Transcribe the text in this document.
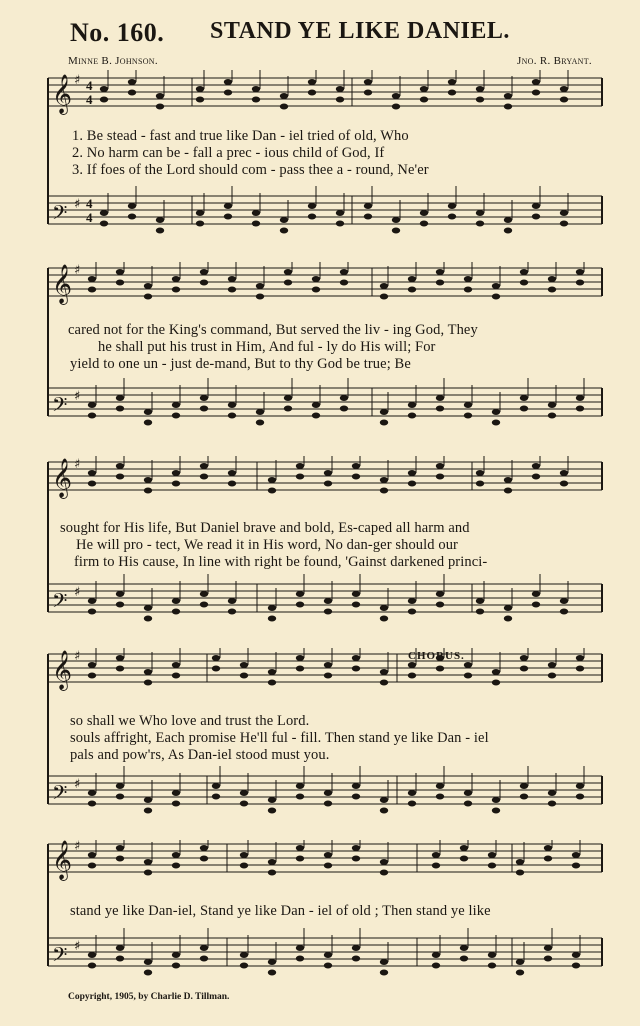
No. 160. STAND YE LIKE DANIEL.
Minne B. Johnson.	Jno. R. Bryant.
𝄞 ♯ 4
4
𝄢 ♯ 4
4
1. Be stead - fast and true like Dan - iel tried of old, Who
2. No harm can be - fall a prec - ious child of God, If
3. If foes of the Lord should com - pass thee a - round, Ne'er
𝄞 ♯
𝄢 ♯
cared not for the King's command, But served the liv - ing God, They
he shall put his trust in Him, And ful - ly do His will; For
yield to one un - just de-mand, But to thy God be true; Be
𝄞 ♯
𝄢 ♯
sought for His life, But Daniel brave and bold, Es-caped all harm and
He will pro - tect, We read it in His word, No dan-ger should our
firm to His cause, In line with right be found, 'Gainst darkened princi-
𝄞 ♯
𝄢 ♯
CHORUS.
so shall we Who love and trust the Lord.
souls affright, Each promise He'll ful - fill. Then stand ye like Dan - iel
pals and pow'rs, As Dan-iel stood must you.
𝄞 ♯
𝄢 ♯
stand ye like Dan-iel, Stand ye like Dan - iel of old ; Then stand ye like
Copyright, 1905, by Charlie D. Tillman.
